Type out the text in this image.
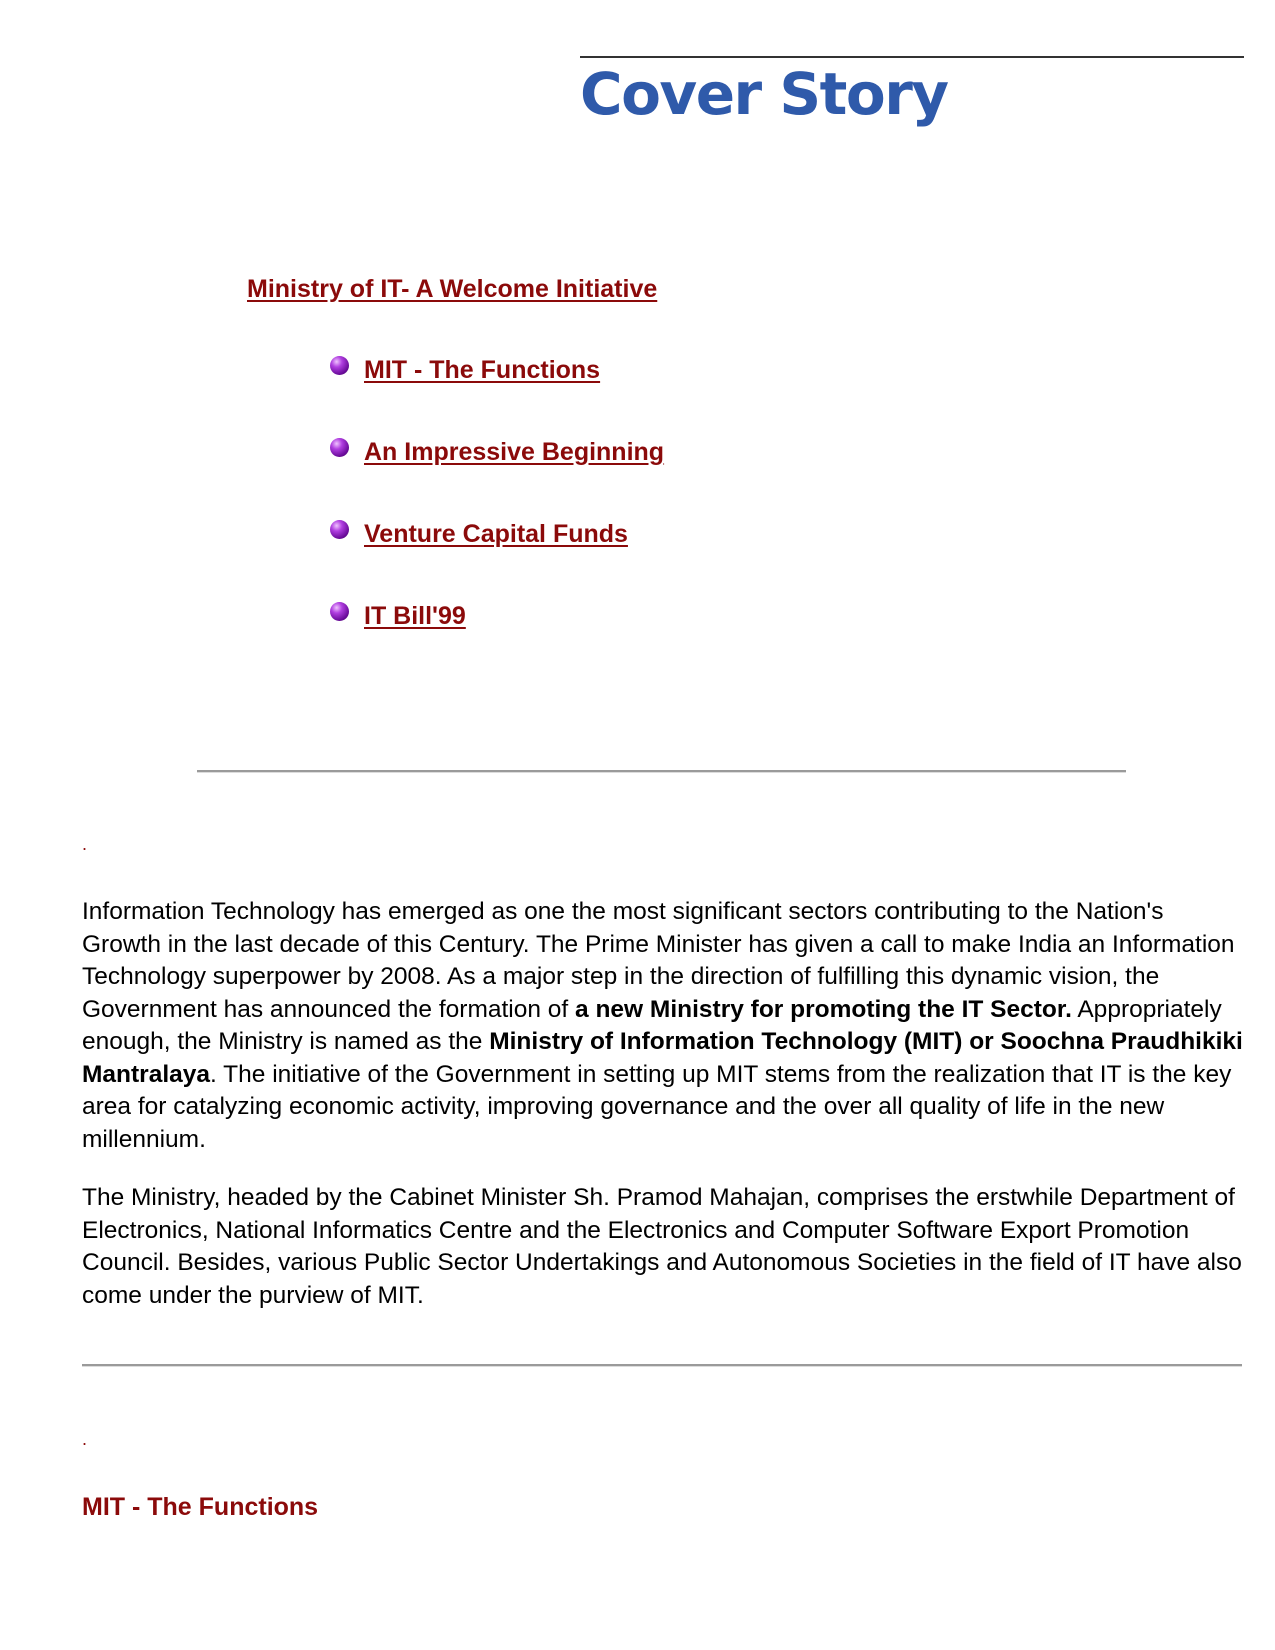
Cover Story
Ministry of IT- A Welcome Initiative
MIT - The Functions
An Impressive Beginning
Venture Capital Funds
IT Bill'99
.

Information Technology has emerged as one the most significant sectors contributing to the Nation's Growth in the last decade of this Century. The Prime Minister has given a call to make India an Information Technology superpower by 2008. As a major step in the direction of fulfilling this dynamic vision, the Government has announced the formation of a new Ministry for promoting the IT Sector. Appropriately enough, the Ministry is named as the Ministry of Information Technology (MIT) or Soochna Praudhikiki Mantralaya. The initiative of the Government in setting up MIT stems from the realization that IT is the key area for catalyzing economic activity, improving governance and the over all quality of life in the new millennium.

The Ministry, headed by the Cabinet Minister Sh. Pramod Mahajan, comprises the erstwhile Department of Electronics, National Informatics Centre and the Electronics and Computer Software Export Promotion Council. Besides, various Public Sector Undertakings and Autonomous Societies in the field of IT have also come under the purview of MIT.

.
MIT - The Functions
